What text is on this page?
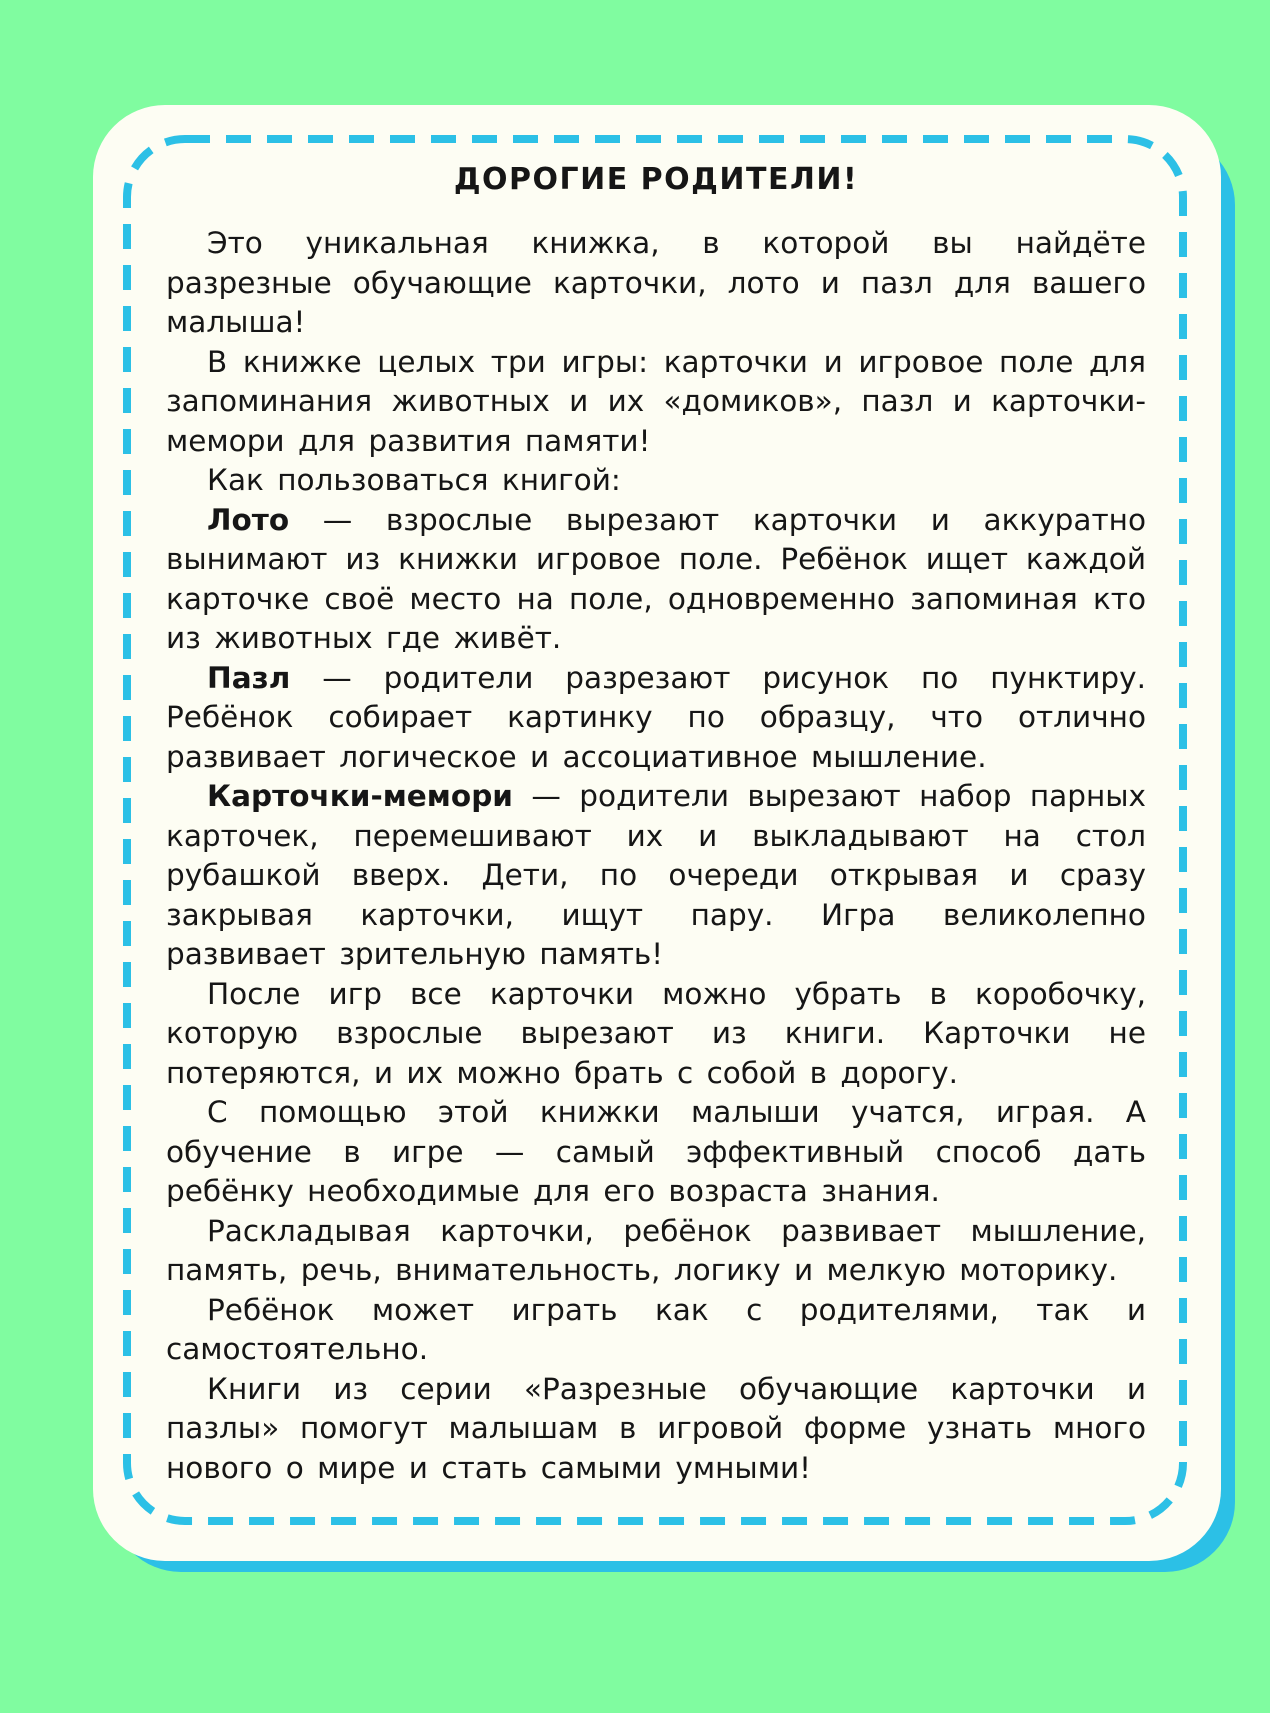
ДОРОГИЕ РОДИТЕЛИ!

Это уникальная книжка, в которой вы найдёте разрезные обучающие карточки, лото и пазл для вашего малыша!

В книжке целых три игры: карточки и игровое поле для запоминания животных и их «домиков», пазл и карточки-мемори для развития памяти!

Как пользоваться книгой:

Лото — взрослые вырезают карточки и аккуратно вынимают из книжки игровое поле. Ребёнок ищет каждой карточке своё место на поле, одновременно запоминая кто из животных где живёт.

Пазл — родители разрезают рисунок по пунктиру. Ребёнок собирает картинку по образцу, что отлично развивает логическое и ассоциативное мышление.

Карточки-мемори — родители вырезают набор парных карточек, перемешивают их и выкладывают на стол рубашкой вверх. Дети, по очереди открывая и сразу закрывая карточки, ищут пару. Игра великолепно развивает зрительную память!

После игр все карточки можно убрать в коробочку, которую взрослые вырезают из книги. Карточки не потеряются, и их можно брать с собой в дорогу.

С помощью этой книжки малыши учатся, играя. А обучение в игре — самый эффективный способ дать ребёнку необходимые для его возраста знания.

Раскладывая карточки, ребёнок развивает мышление, память, речь, внимательность, логику и мелкую моторику.

Ребёнок может играть как с родителями, так и самостоятельно.

Книги из серии «Разрезные обучающие карточки и пазлы» помогут малышам в игровой форме узнать много нового о мире и стать самыми умными!
